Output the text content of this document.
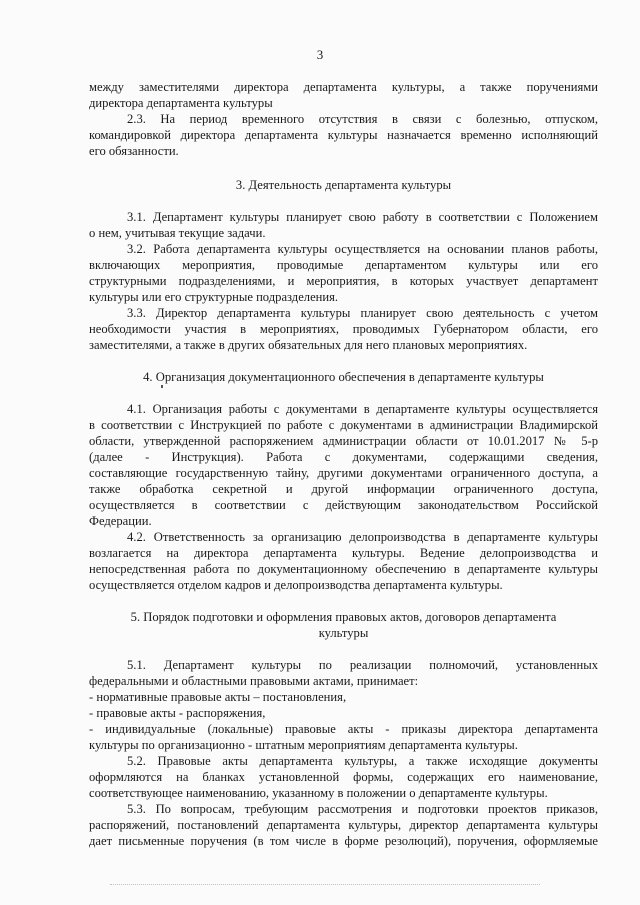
3
между заместителями директора департамента культуры, а также поручениями
директора департамента культуры
2.3. На период временного отсутствия в связи с болезнью, отпуском,
командировкой директора департамента культуры назначается временно исполняющий
его обязанности.
3. Деятельность департамента культуры
3.1. Департамент культуры планирует свою работу в соответствии с Положением
о нем, учитывая текущие задачи.
3.2. Работа департамента культуры осуществляется на основании планов работы,
включающих мероприятия, проводимые департаментом культуры или его
структурными подразделениями, и мероприятия, в которых участвует департамент
культуры или его структурные подразделения.
3.3. Директор департамента культуры планирует свою деятельность с учетом
необходимости участия в мероприятиях, проводимых Губернатором области, его
заместителями, а также в других обязательных для него плановых мероприятиях.
4. Организация документационного обеспечения в департаменте культуры
4.1. Организация работы с документами в департаменте культуры осуществляется
в соответствии с Инструкцией по работе с документами в администрации Владимирской
области, утвержденной распоряжением администрации области от 10.01.2017 № 5-р
(далее - Инструкция). Работа с документами, содержащими сведения,
составляющие государственную тайну, другими документами ограниченного доступа, а
также обработка секретной и другой информации ограниченного доступа,
осуществляется в соответствии с действующим законодательством Российской
Федерации.
4.2. Ответственность за организацию делопроизводства в департаменте культуры
возлагается на директора департамента культуры. Ведение делопроизводства и
непосредственная работа по документационному обеспечению в департаменте культуры
осуществляется отделом кадров и делопроизводства департамента культуры.
5. Порядок подготовки и оформления правовых актов, договоров департамента
культуры
5.1. Департамент культуры по реализации полномочий, установленных
федеральными и областными правовыми актами, принимает:
- нормативные правовые акты – постановления,
- правовые акты - распоряжения,
- индивидуальные (локальные) правовые акты - приказы директора департамента
культуры по организационно - штатным мероприятиям департамента культуры.
5.2. Правовые акты департамента культуры, а также исходящие документы
оформляются на бланках установленной формы, содержащих его наименование,
соответствующее наименованию, указанному в положении о департаменте культуры.
5.3. По вопросам, требующим рассмотрения и подготовки проектов приказов,
распоряжений, постановлений департамента культуры, директор департамента культуры
дает письменные поручения (в том числе в форме резолюций), поручения, оформляемые
